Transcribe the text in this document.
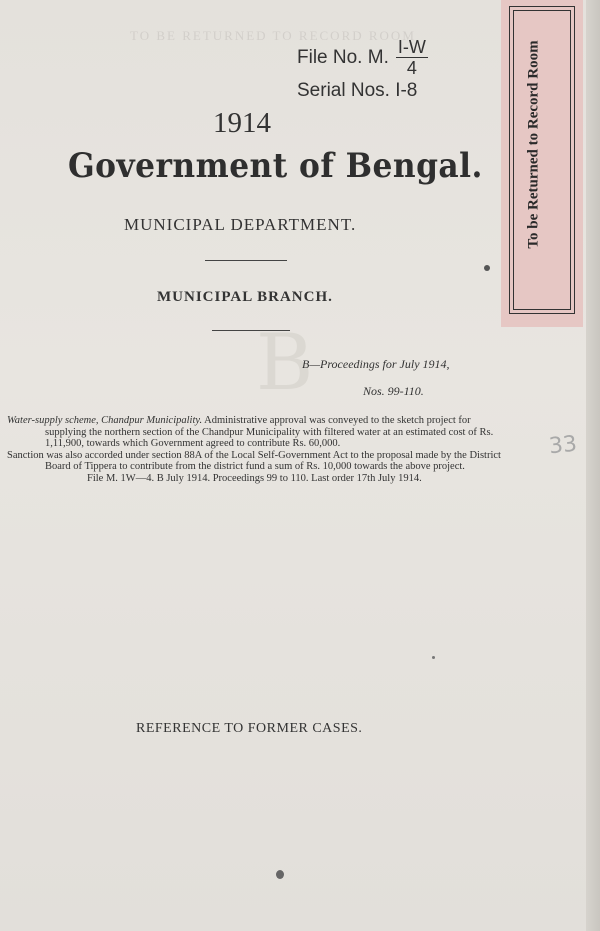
TO BE RETURNED TO RECORD ROOM
File No. M. $\frac{I-W}{4}$
Serial Nos. I-8
1914
Government of Bengal.
MUNICIPAL DEPARTMENT.
MUNICIPAL BRANCH.
B
B—Proceedings for July 1914,
Nos. 99-110.
To be Returned to Record Room
33

Water-supply scheme, Chandpur Municipality. Administrative approval was conveyed to the sketch project for supplying the northern section of the Chandpur Municipality with filtered water at an estimated cost of Rs. 1,11,900, towards which Government agreed to contribute Rs. 60,000.

Sanction was also accorded under section 88A of the Local Self-Government Act to the proposal made by the District Board of Tippera to contribute from the district fund a sum of Rs. 10,000 towards the above project.

File M. 1W—4. B July 1914. Proceedings 99 to 110. Last order 17th July 1914.

REFERENCE TO FORMER CASES.
